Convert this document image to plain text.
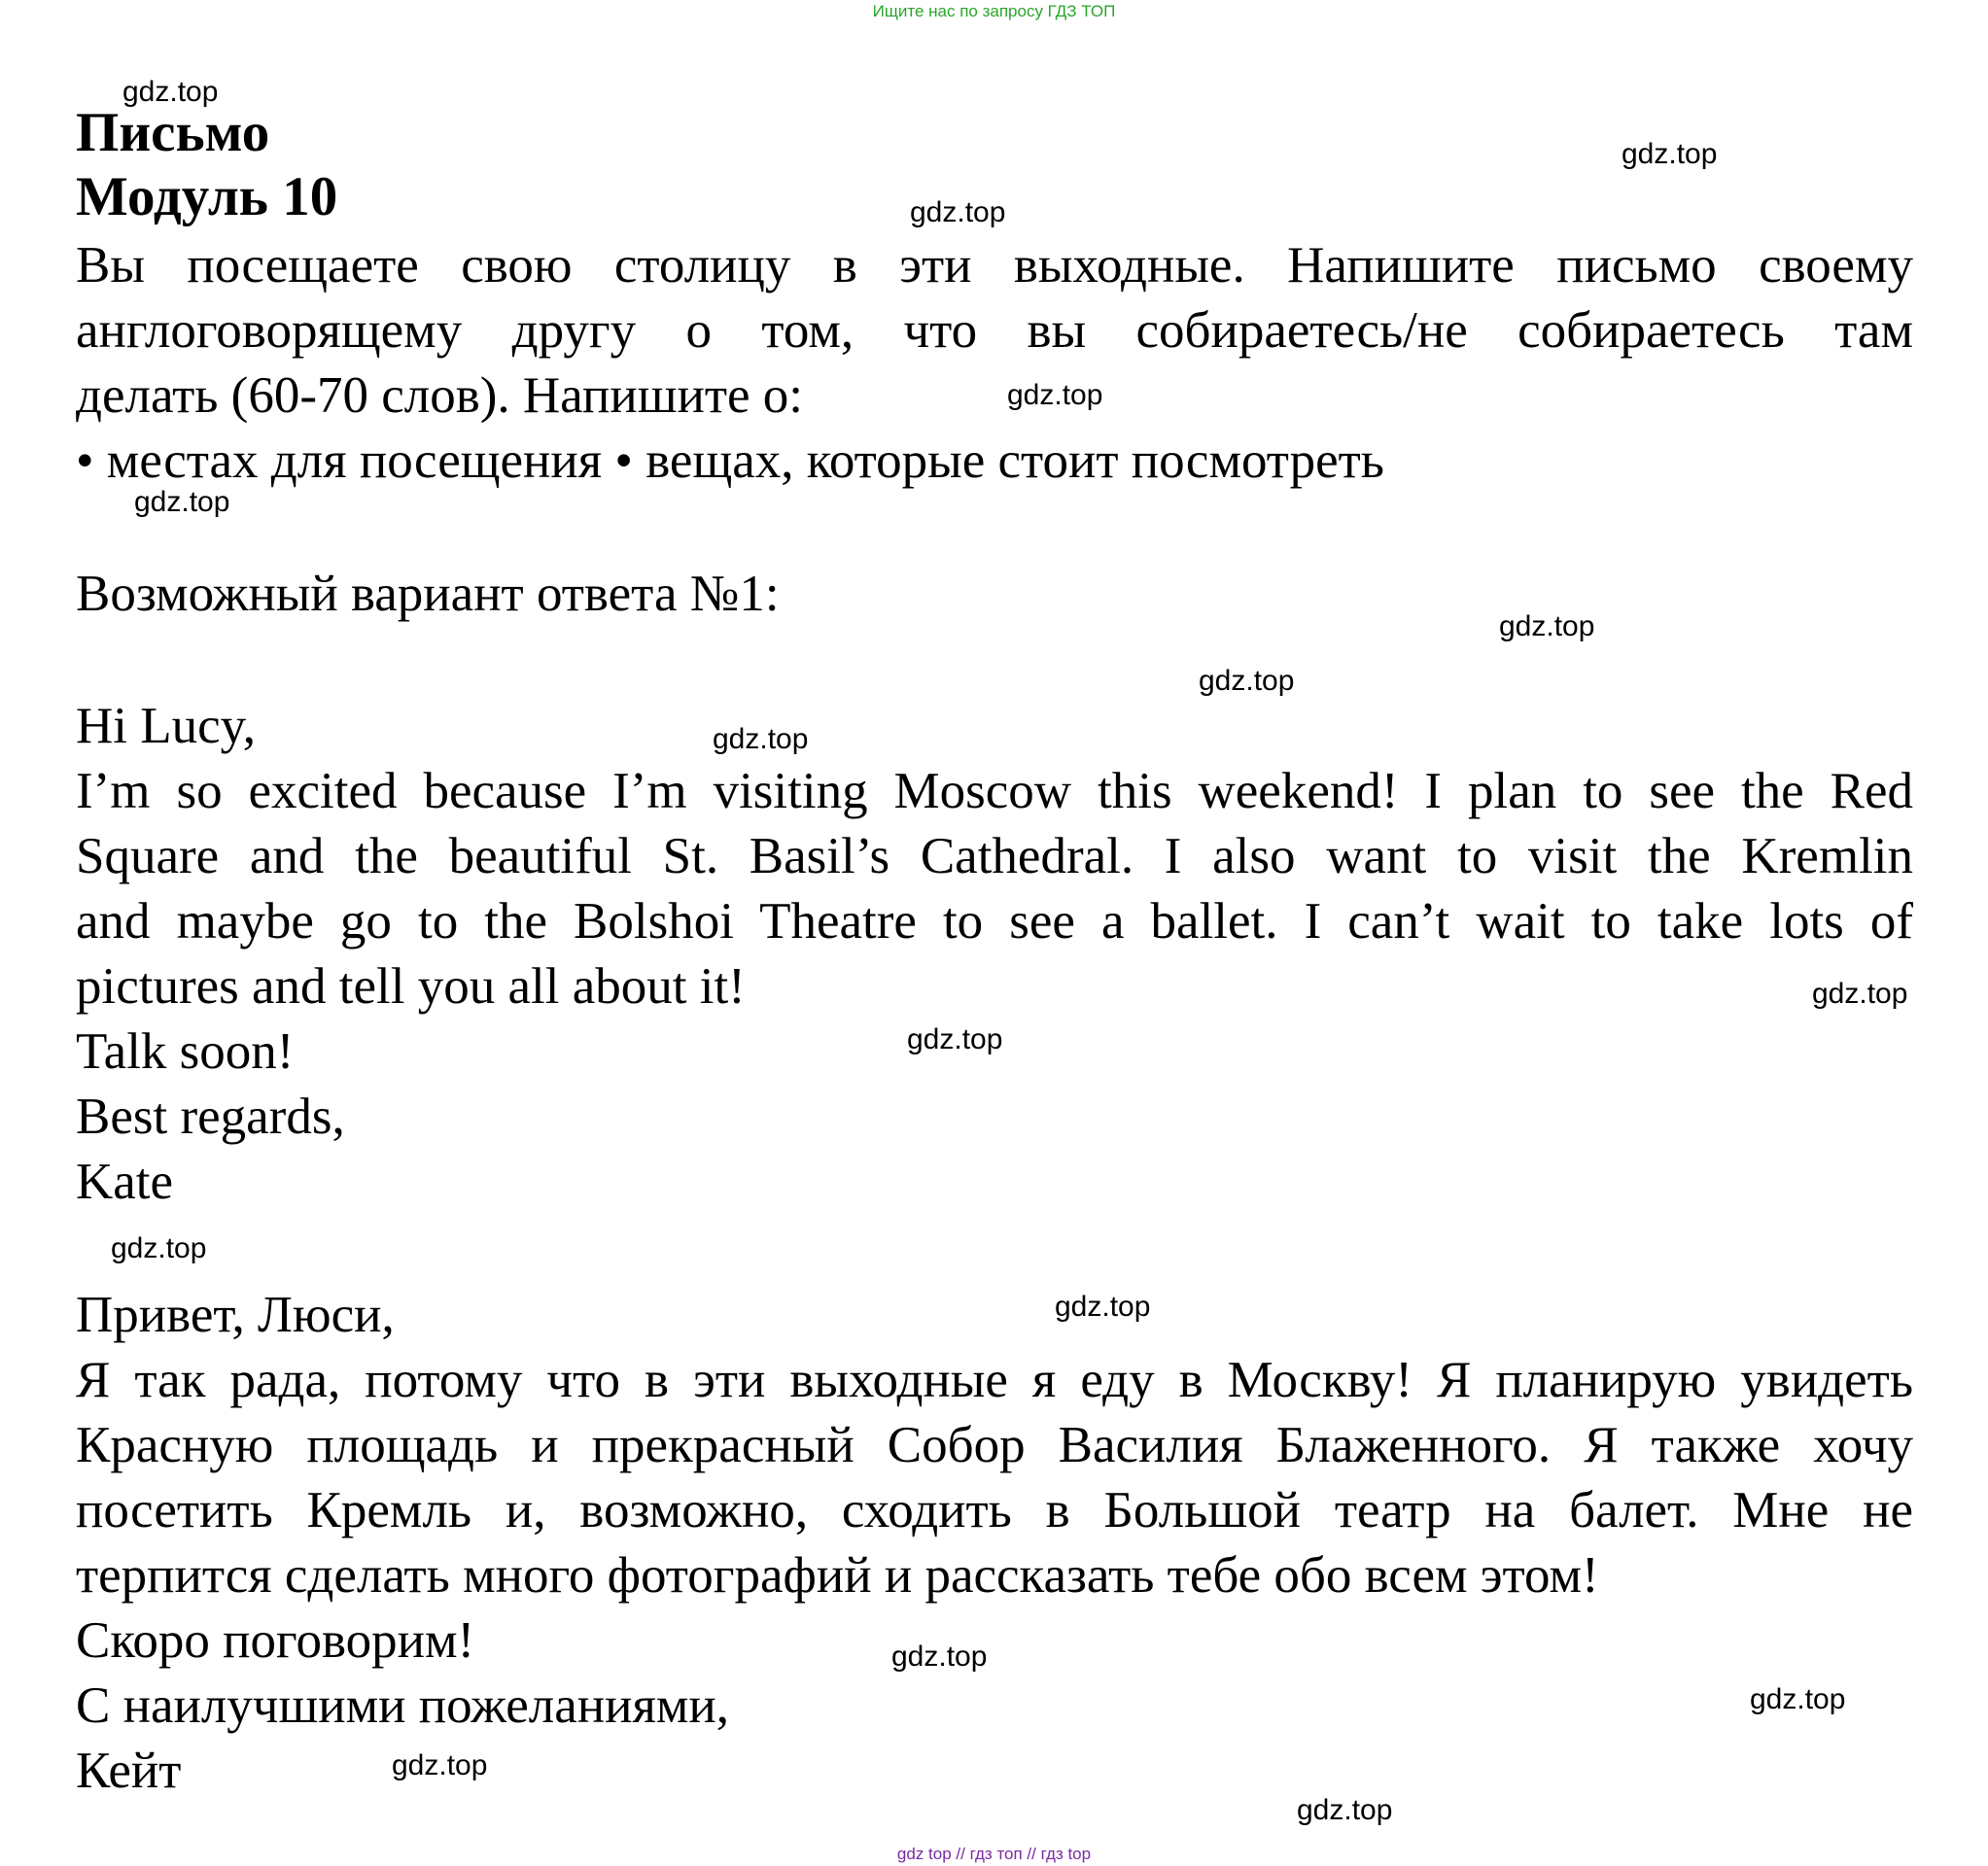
Ищите нас по запросу ГДЗ ТОП
Письмо
Модуль 10
Вы посещаете свою столицу в эти выходные. Напишите письмо своему
англоговорящему другу о том, что вы собираетесь/не собираетесь там
делать (60-70 слов). Напишите о:
• местах для посещения • вещах, которые стоит посмотреть
Возможный вариант ответа №1:
Hi Lucy,
I’m so excited because I’m visiting Moscow this weekend! I plan to see the Red
Square and the beautiful St. Basil’s Cathedral. I also want to visit the Kremlin
and maybe go to the Bolshoi Theatre to see a ballet. I can’t wait to take lots of
pictures and tell you all about it!
Talk soon!
Best regards,
Kate
Привет, Люси,
Я так рада, потому что в эти выходные я еду в Москву! Я планирую увидеть
Красную площадь и прекрасный Собор Василия Блаженного. Я также хочу
посетить Кремль и, возможно, сходить в Большой театр на балет. Мне не
терпится сделать много фотографий и рассказать тебе обо всем этом!
Скоро поговорим!
С наилучшими пожеланиями,
Кейт
gdz.top
gdz.top
gdz.top
gdz.top
gdz.top
gdz.top
gdz.top
gdz.top
gdz.top
gdz.top
gdz.top
gdz.top
gdz.top
gdz.top
gdz.top
gdz.top
gdz top // гдз топ // гдз top
